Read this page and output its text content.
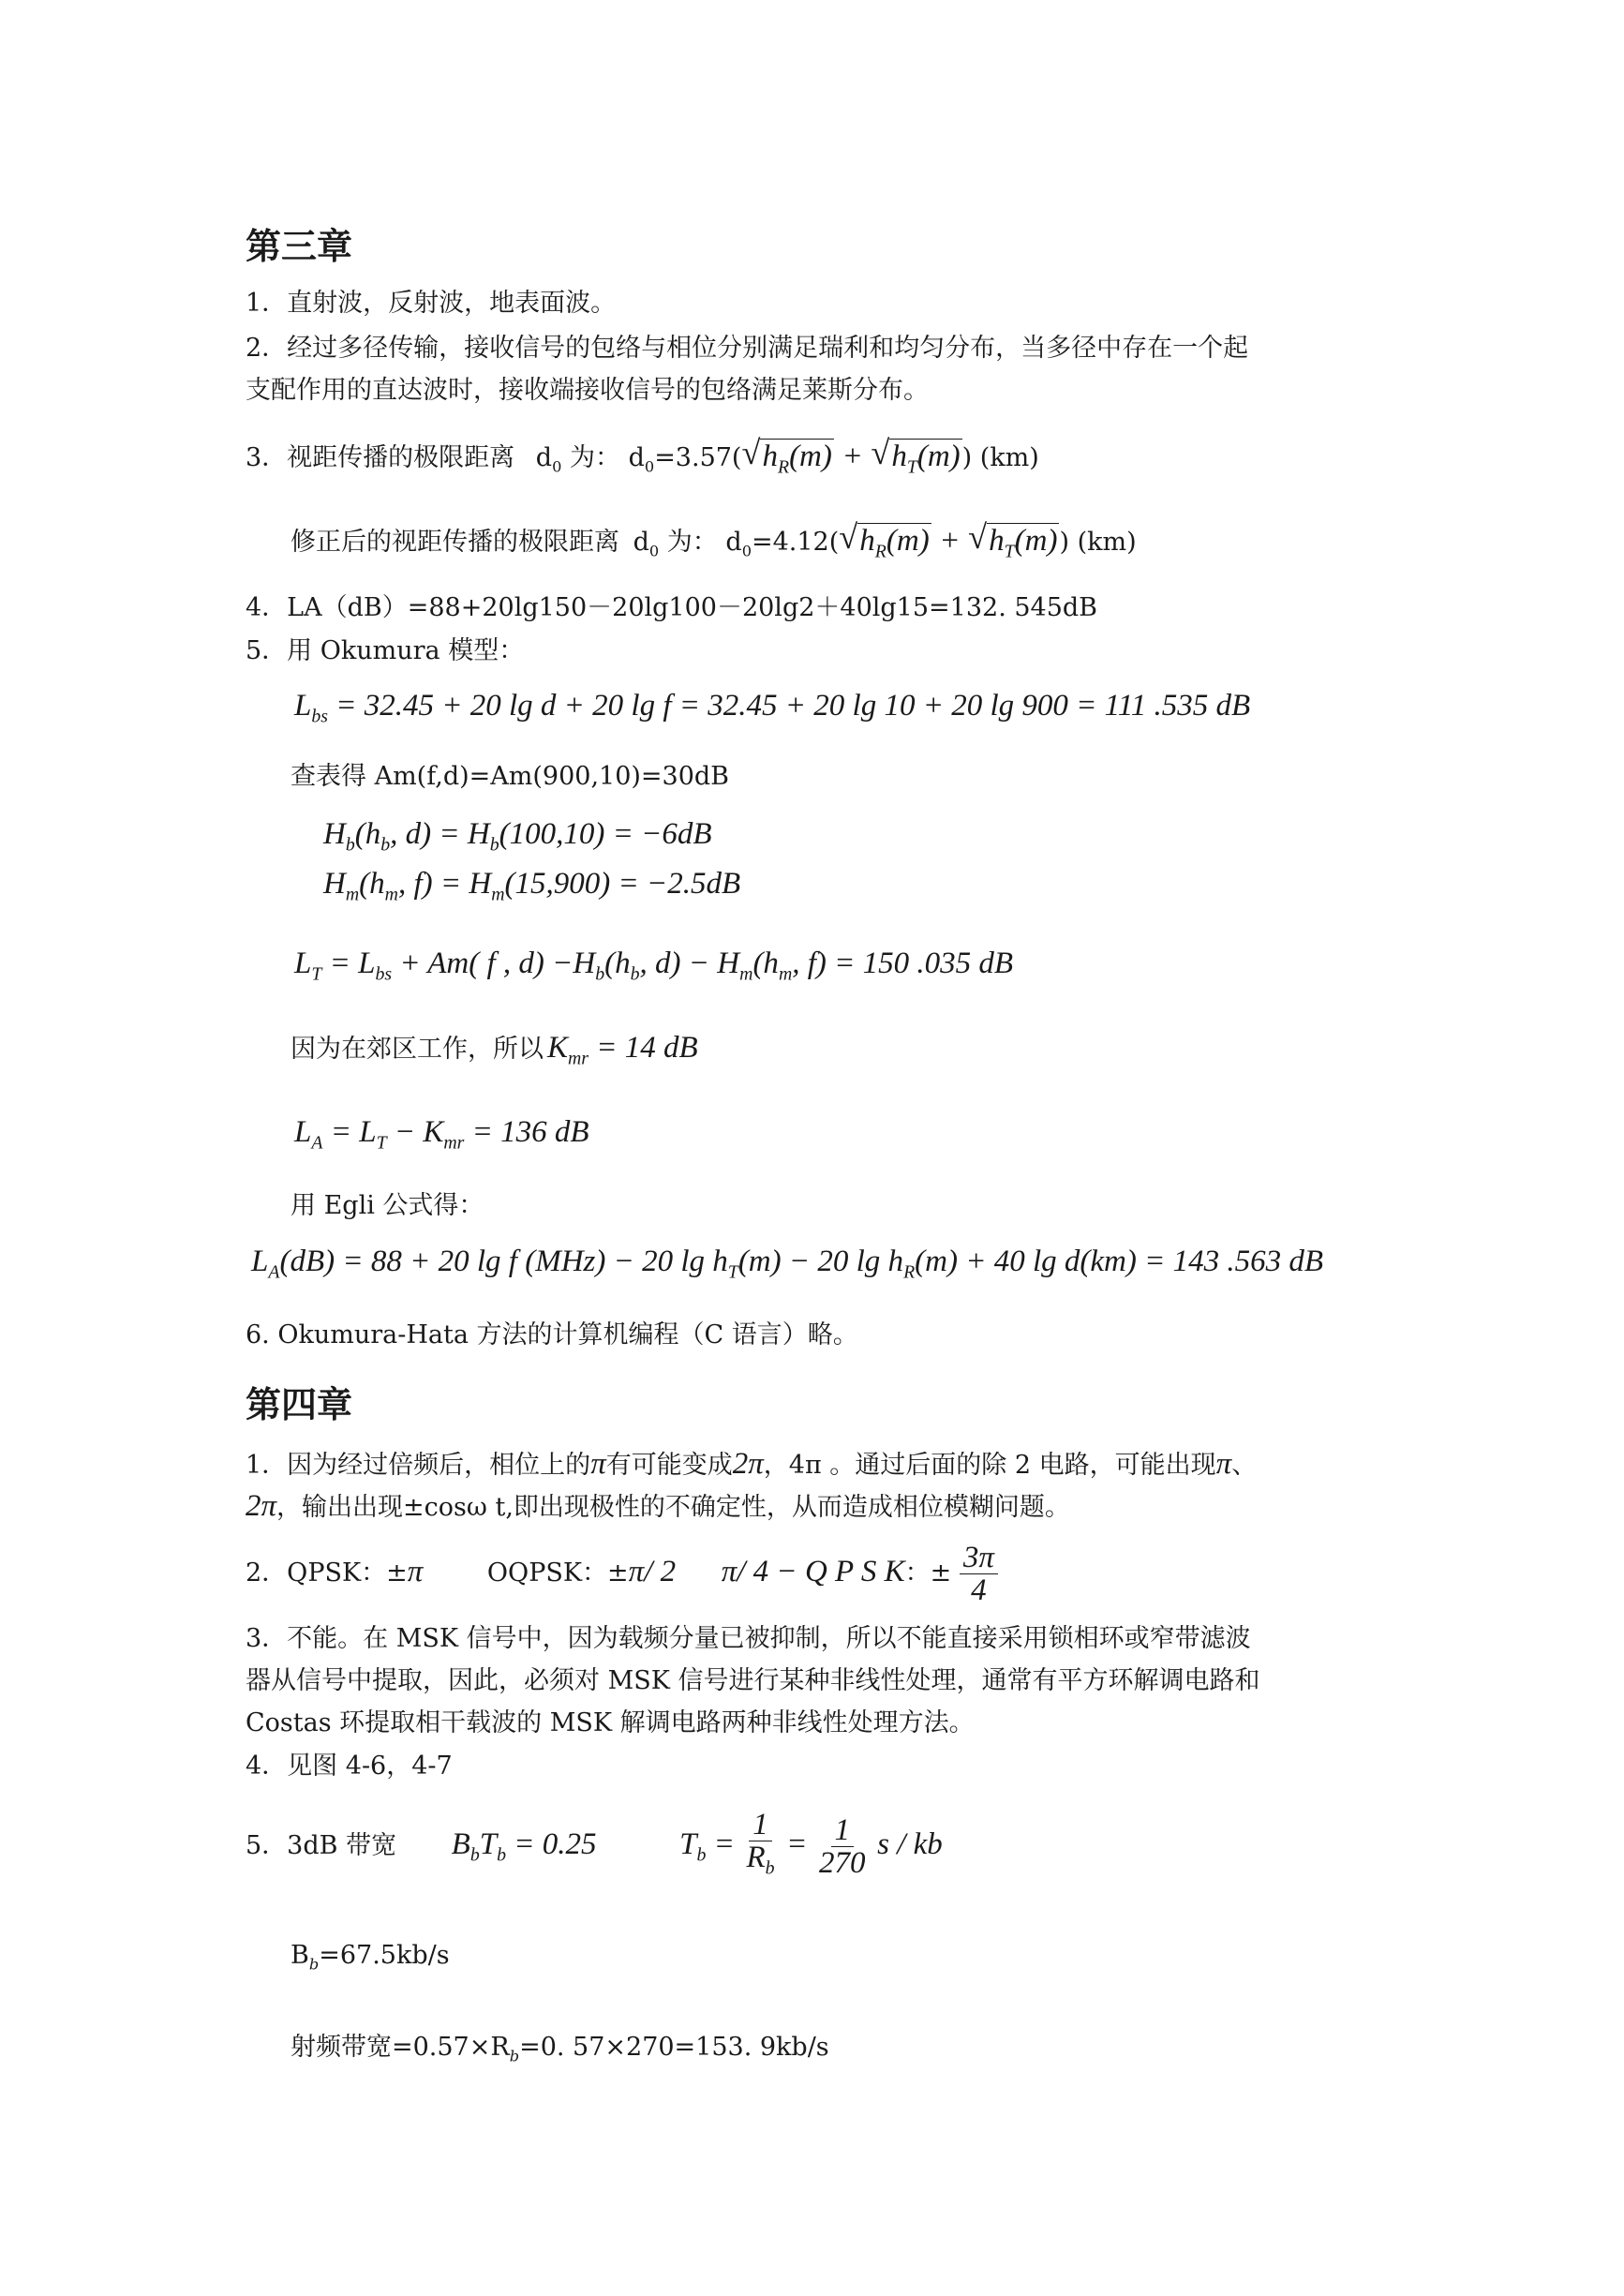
第三章
1．直射波，反射波，地表面波。
2．经过多径传输，接收信号的包络与相位分别满足瑞利和均匀分布，当多径中存在一个起
支配作用的直达波时，接收端接收信号的包络满足莱斯分布。
3．视距传播的极限距离 $d_0$ 为： $d_0=3.57(√$ $h_R(m)$ + √ $h_T(m)$) (km)
修正后的视距传播的极限距离 $d_0$ 为： $d_0=4.12(√$ $h_R(m)$ + √ $h_T(m)$) (km)
4．LA（dB）=88+20lg150－20lg100－20lg2＋40lg15=132. 545dB
5．用 Okumura 模型：
$L_{bs} = 32.45 + 20$ lg d + 20 lg f = 32.45 + 20 lg 10 + 20 lg 900 = 111 .535 dB
查表得 Am(f,d)=Am(900,10)=30dB
$H_b(h_b$, $d) = H_b(100,10) = -6dB$
$H_m(h_m$, $f) = H_m(15,900) = -2.5dB$
$L_T = L_{bs} + Am$( f , $d) -H_b(h_b$, $d) - H_m(h_m$, f) = 150 .035 dB
因为在郊区工作，所以 $K_{mr} = 14$ dB
$L_A = L_T - K_{mr} = 136$ dB
用 Egli 公式得：
$L_A(dB) = 88 + 20$ lg f (MHz) − 20 $\lg h_T(m) - 20$ $\lg h_R(m) + 40$ lg d(km) = 143 .563 dB
6. Okumura-Hata 方法的计算机编程（C 语言）略。
第四章
1．因为经过倍频后，相位上的π有可能变成2π，4π 。通过后面的除 2 电路，可能出现π、
2π，输出出现±cosω t,即出现极性的不确定性，从而造成相位模糊问题。
2．QPSK：±π	OQPSK：±π/ 2 π/ 4 − Q P S K：± $\frac{3\pi}{4}$
3．不能。在 MSK 信号中，因为载频分量已被抑制，所以不能直接采用锁相环或窄带滤波
器从信号中提取，因此，必须对 MSK 信号进行某种非线性处理，通常有平方环解调电路和
Costas 环提取相干载波的 MSK 解调电路两种非线性处理方法。
4．见图 4-6，4-7
5．3dB 带宽 $B_bT_b = 0.25$	$T_b = \frac{1}{R_b} = \frac{1}{270}$ s / kb
$B_b=67.5kb/s$
射频带宽$=0.57\times R_b=0$. 57×270=153. 9kb/s
